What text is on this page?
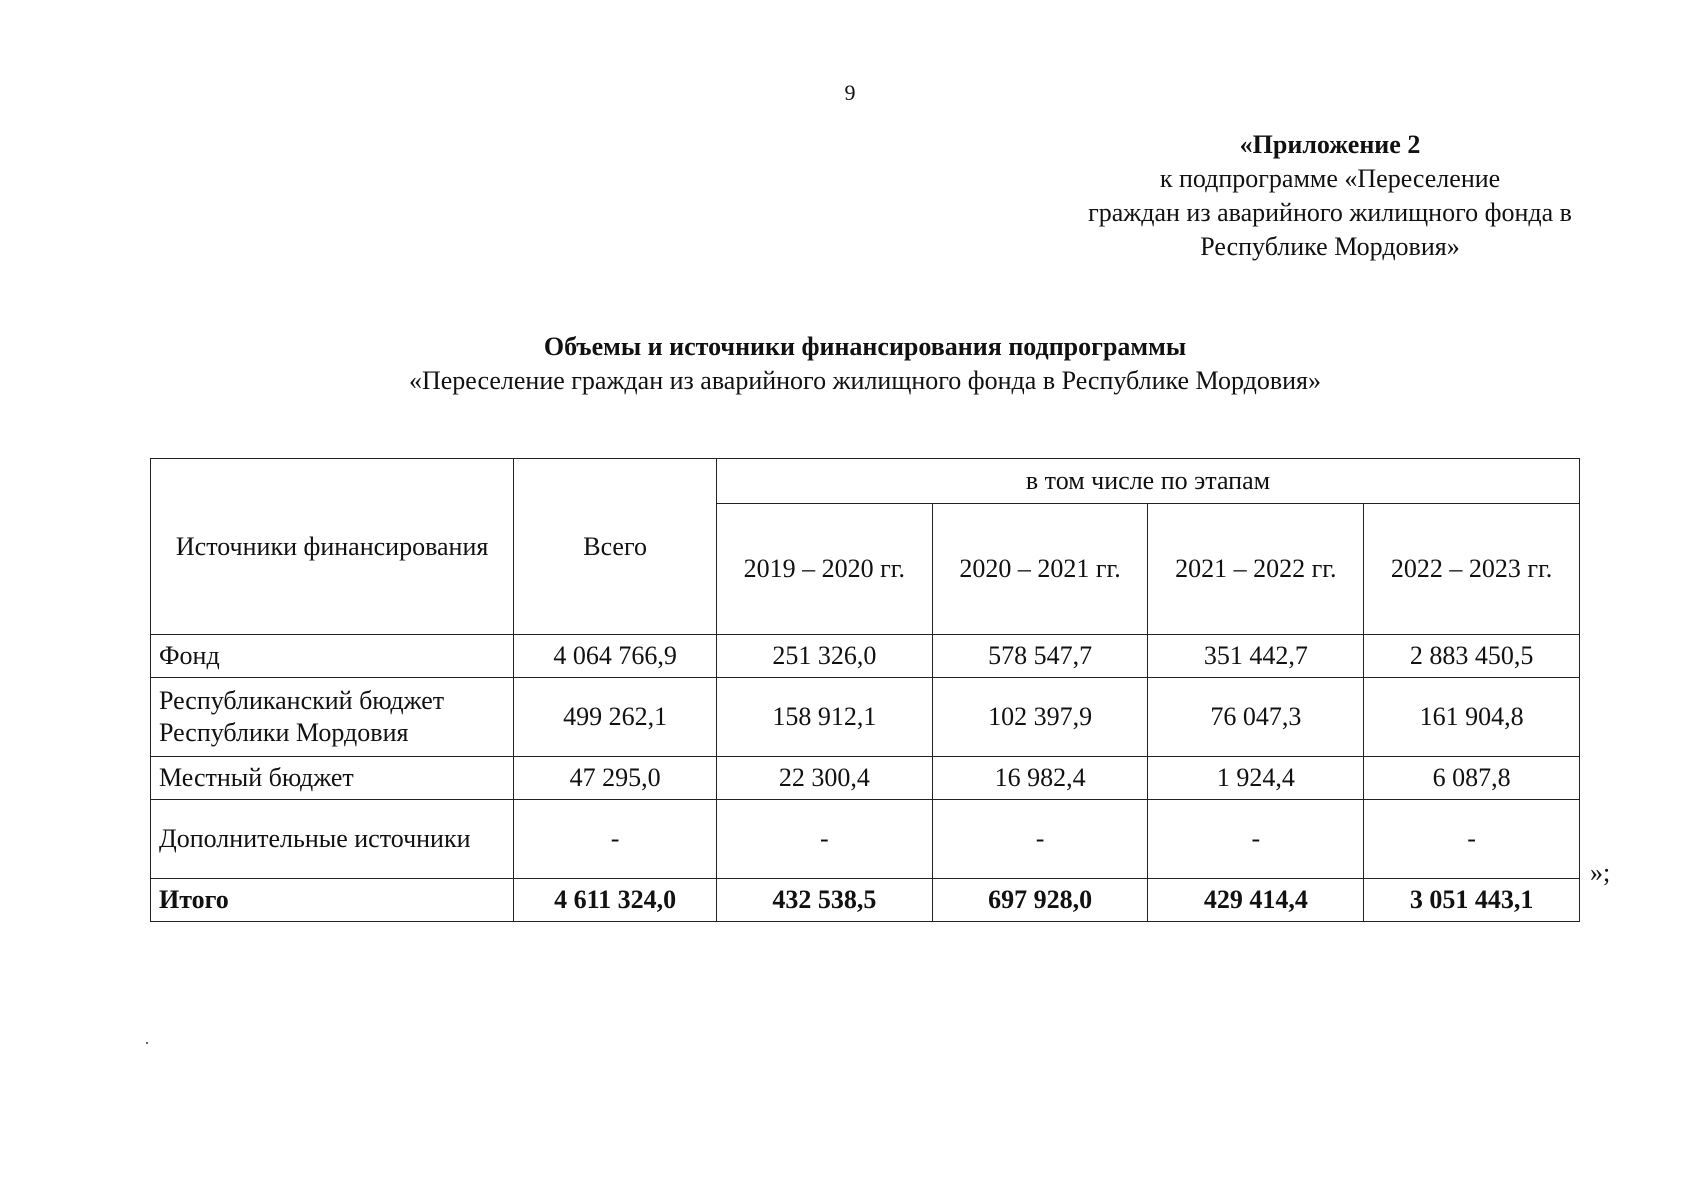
9
«Приложение 2
к подпрограмме «Переселение
граждан из аварийного жилищного фонда в
Республике Мордовия»
Объемы и источники финансирования подпрограммы
«Переселение граждан из аварийного жилищного фонда в Республике Мордовия»
Источники финансирования	Всего	в том числе по этапам			
		2019 – 2020 гг.	2020 – 2021 гг.	2021 – 2022 гг.	2022 – 2023 гг.
Фонд	4 064 766,9	251 326,0	578 547,7	351 442,7	2 883 450,5
Республиканский бюджет Республики Мордовия	499 262,1	158 912,1	102 397,9	76 047,3	161 904,8
Местный бюджет	47 295,0	22 300,4	16 982,4	1 924,4	6 087,8
Дополнительные источники	-	-	-	-	-
Итого	4 611 324,0	432 538,5	697 928,0	429 414,4	3 051 443,1
»;
